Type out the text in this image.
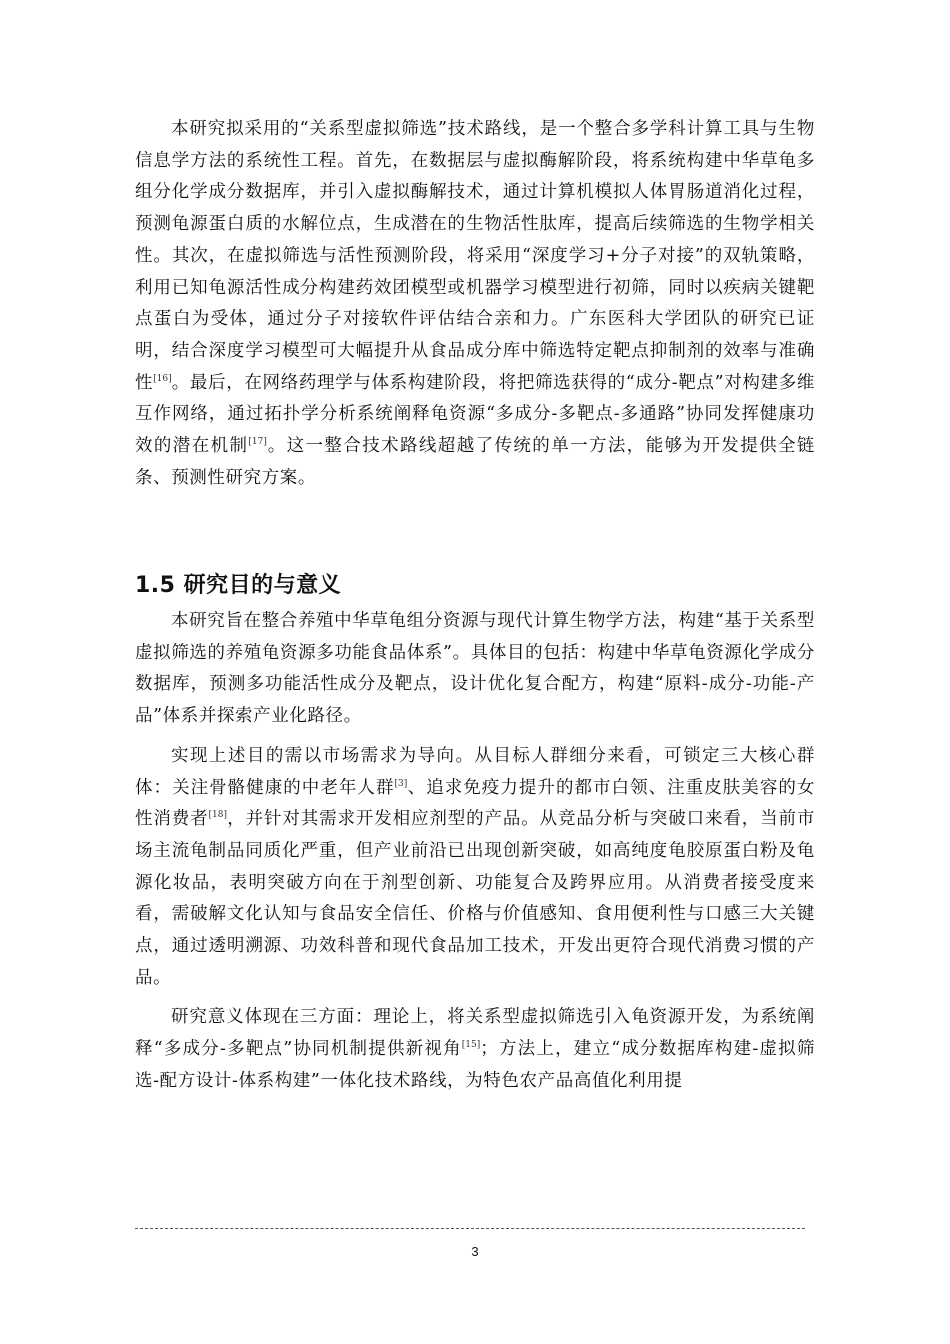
本研究拟采用的“关系型虚拟筛选”技术路线，是一个整合多学科计算工具与生物信息学方法的系统性工程。首先，在数据层与虚拟酶解阶段，将系统构建中华草龟多组分化学成分数据库，并引入虚拟酶解技术，通过计算机模拟人体胃肠道消化过程，预测龟源蛋白质的水解位点，生成潜在的生物活性肽库，提高后续筛选的生物学相关性。其次，在虚拟筛选与活性预测阶段，将采用“深度学习+分子对接”的双轨策略，利用已知龟源活性成分构建药效团模型或机器学习模型进行初筛，同时以疾病关键靶点蛋白为受体，通过分子对接软件评估结合亲和力。广东医科大学团队的研究已证明，结合深度学习模型可大幅提升从食品成分库中筛选特定靶点抑制剂的效率与准确性[16]。最后，在网络药理学与体系构建阶段，将把筛选获得的“成分-靶点”对构建多维互作网络，通过拓扑学分析系统阐释龟资源“多成分-多靶点-多通路”协同发挥健康功效的潜在机制[17]。这一整合技术路线超越了传统的单一方法，能够为开发提供全链条、预测性研究方案。

1.5 研究目的与意义

本研究旨在整合养殖中华草龟组分资源与现代计算生物学方法，构建“基于关系型虚拟筛选的养殖龟资源多功能食品体系”。具体目的包括：构建中华草龟资源化学成分数据库，预测多功能活性成分及靶点，设计优化复合配方，构建“原料-成分-功能-产品”体系并探索产业化路径。

实现上述目的需以市场需求为导向。从目标人群细分来看，可锁定三大核心群体：关注骨骼健康的中老年人群[3]、追求免疫力提升的都市白领、注重皮肤美容的女性消费者[18]，并针对其需求开发相应剂型的产品。从竞品分析与突破口来看，当前市场主流龟制品同质化严重，但产业前沿已出现创新突破，如高纯度龟胶原蛋白粉及龟源化妆品，表明突破方向在于剂型创新、功能复合及跨界应用。从消费者接受度来看，需破解文化认知与食品安全信任、价格与价值感知、食用便利性与口感三大关键点，通过透明溯源、功效科普和现代食品加工技术，开发出更符合现代消费习惯的产品。

研究意义体现在三方面：理论上，将关系型虚拟筛选引入龟资源开发，为系统阐释“多成分-多靶点”协同机制提供新视角[15]；方法上，建立“成分数据库构建-虚拟筛选-配方设计-体系构建”一体化技术路线，为特色农产品高值化利用提

3
